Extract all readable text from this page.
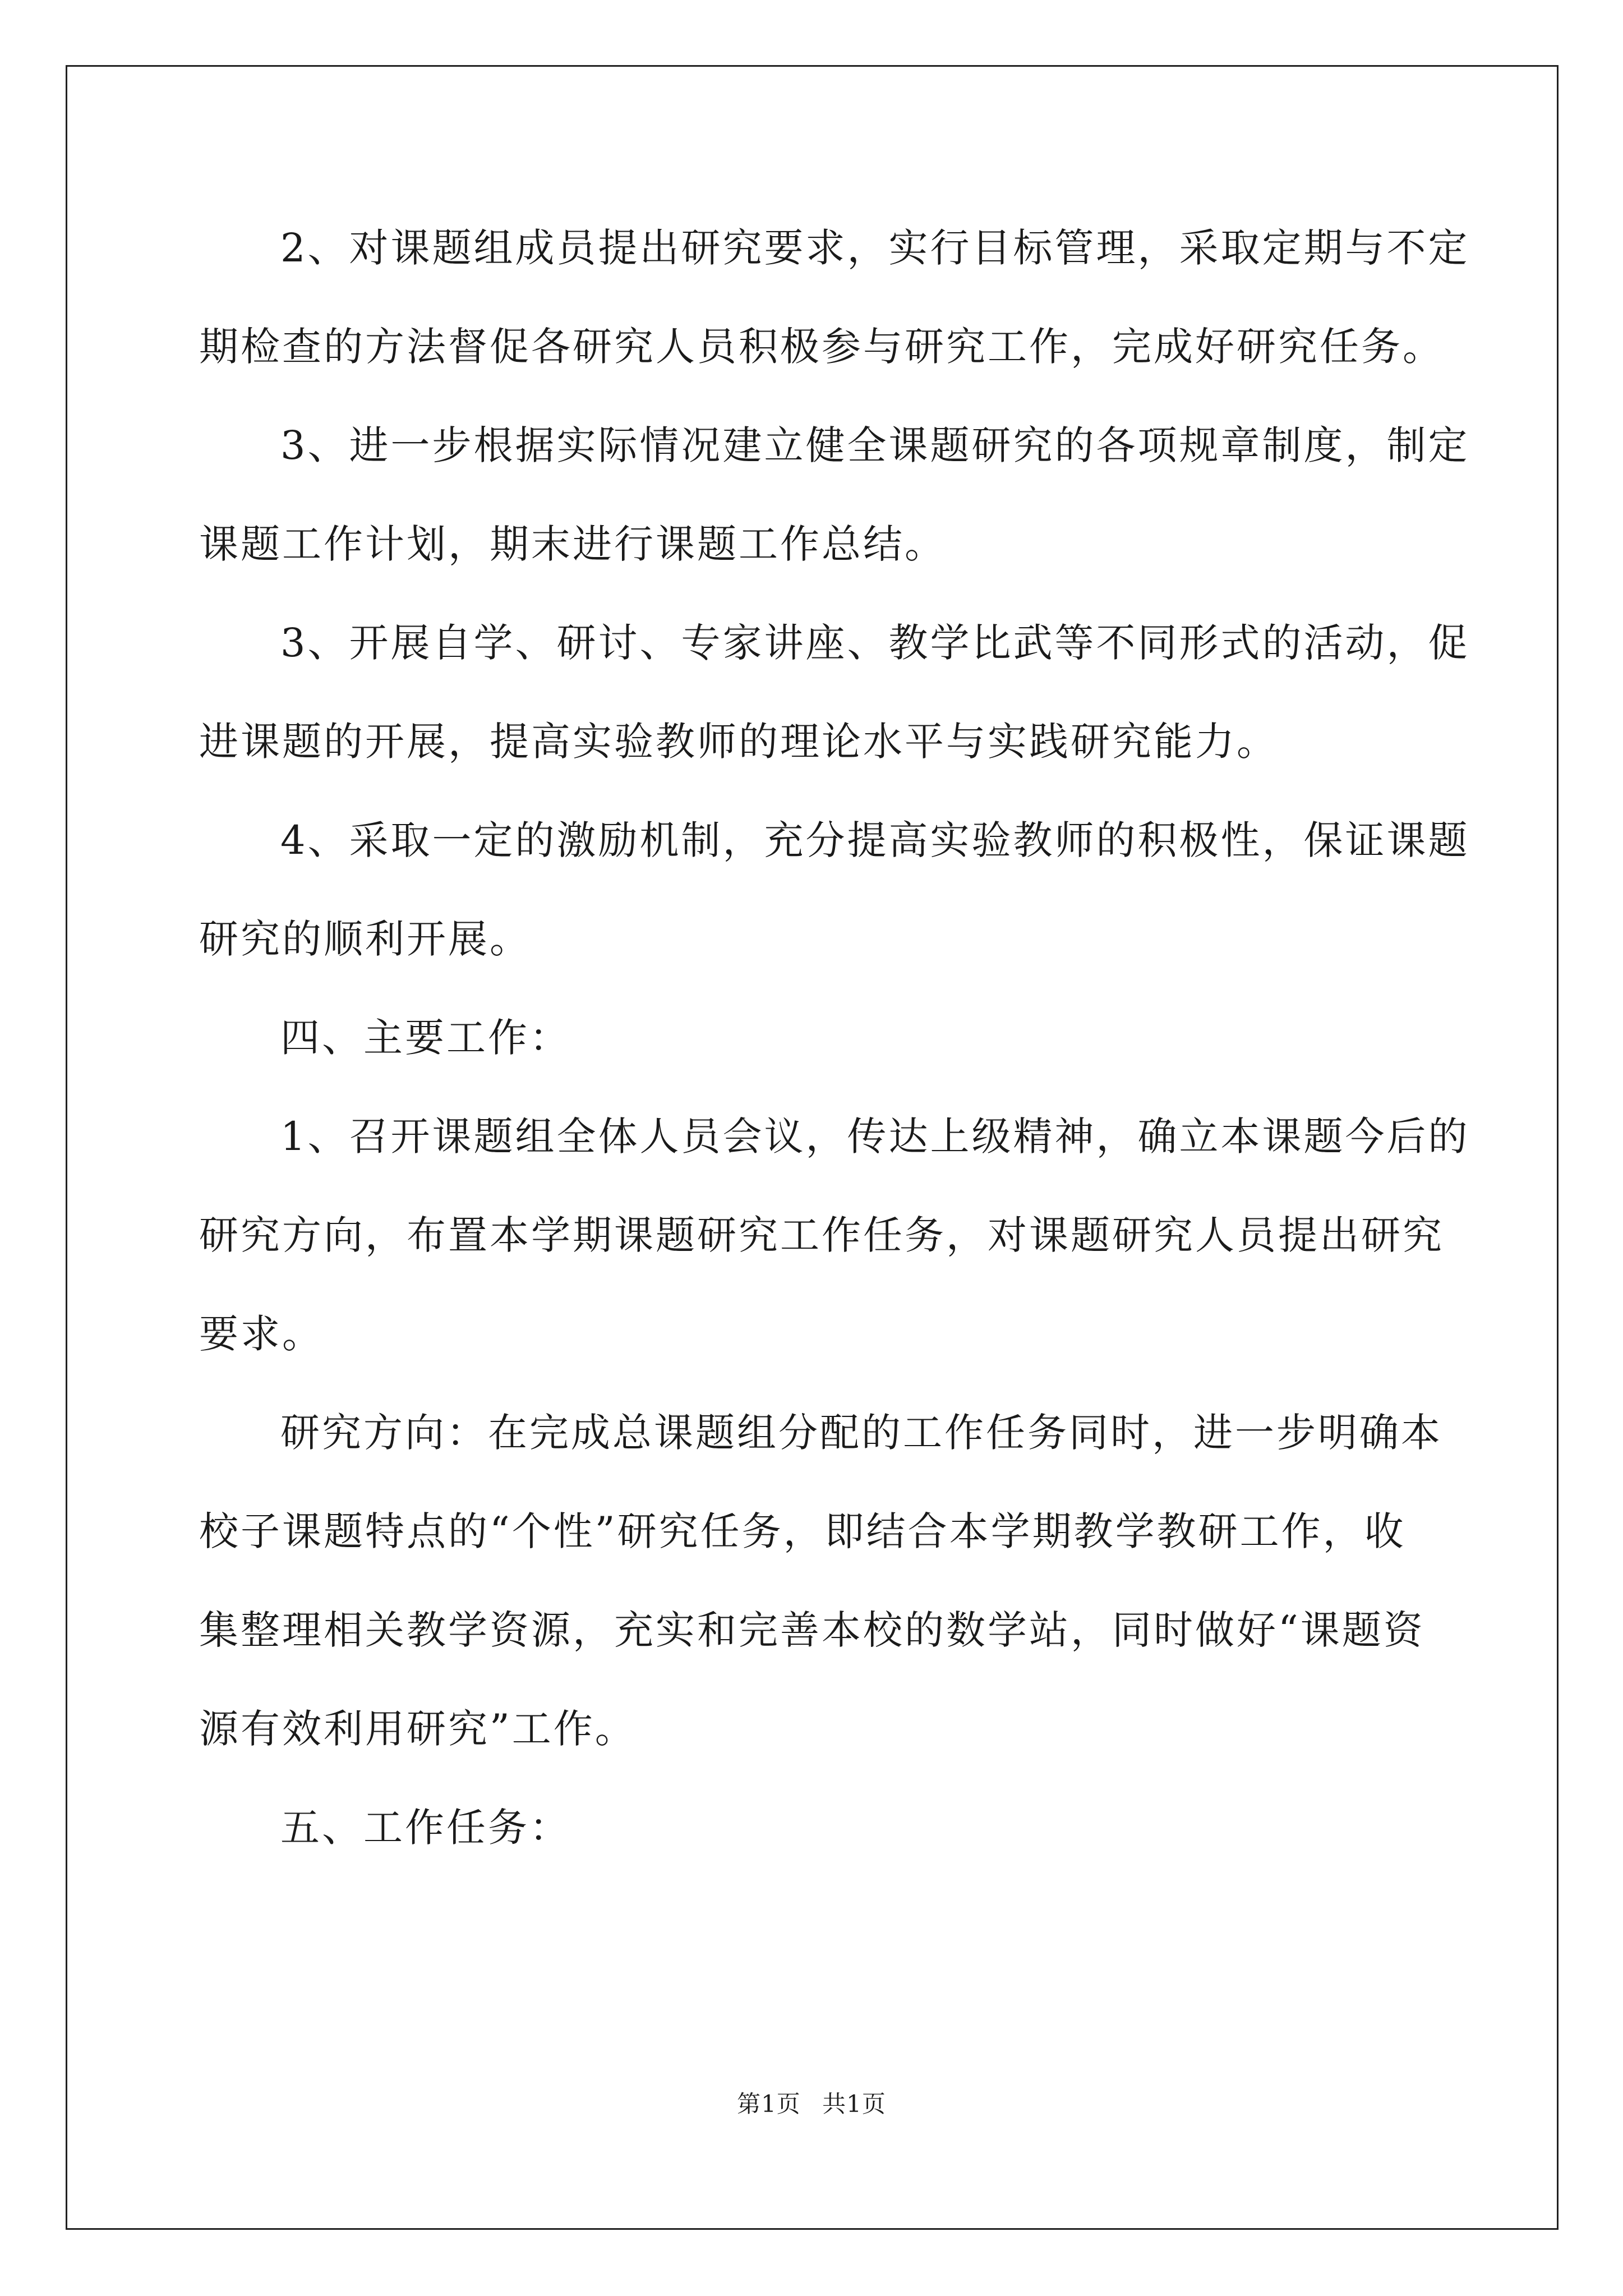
2、对课题组成员提出研究要求，实行目标管理，采取定期与不定
期检查的方法督促各研究人员积极参与研究工作，完成好研究任务。
3、进一步根据实际情况建立健全课题研究的各项规章制度，制定
课题工作计划，期末进行课题工作总结。
3、开展自学、研讨、专家讲座、教学比武等不同形式的活动，促
进课题的开展，提高实验教师的理论水平与实践研究能力。
4、采取一定的激励机制，充分提高实验教师的积极性，保证课题
研究的顺利开展。
四、主要工作：
1、召开课题组全体人员会议，传达上级精神，确立本课题今后的
研究方向，布置本学期课题研究工作任务，对课题研究人员提出研究
要求。
研究方向：在完成总课题组分配的工作任务同时，进一步明确本
校子课题特点的“个性”研究任务，即结合本学期教学教研工作，收
集整理相关教学资源，充实和完善本校的数学站，同时做好“课题资
源有效利用研究”工作。
五、工作任务：
第1页 共1页
